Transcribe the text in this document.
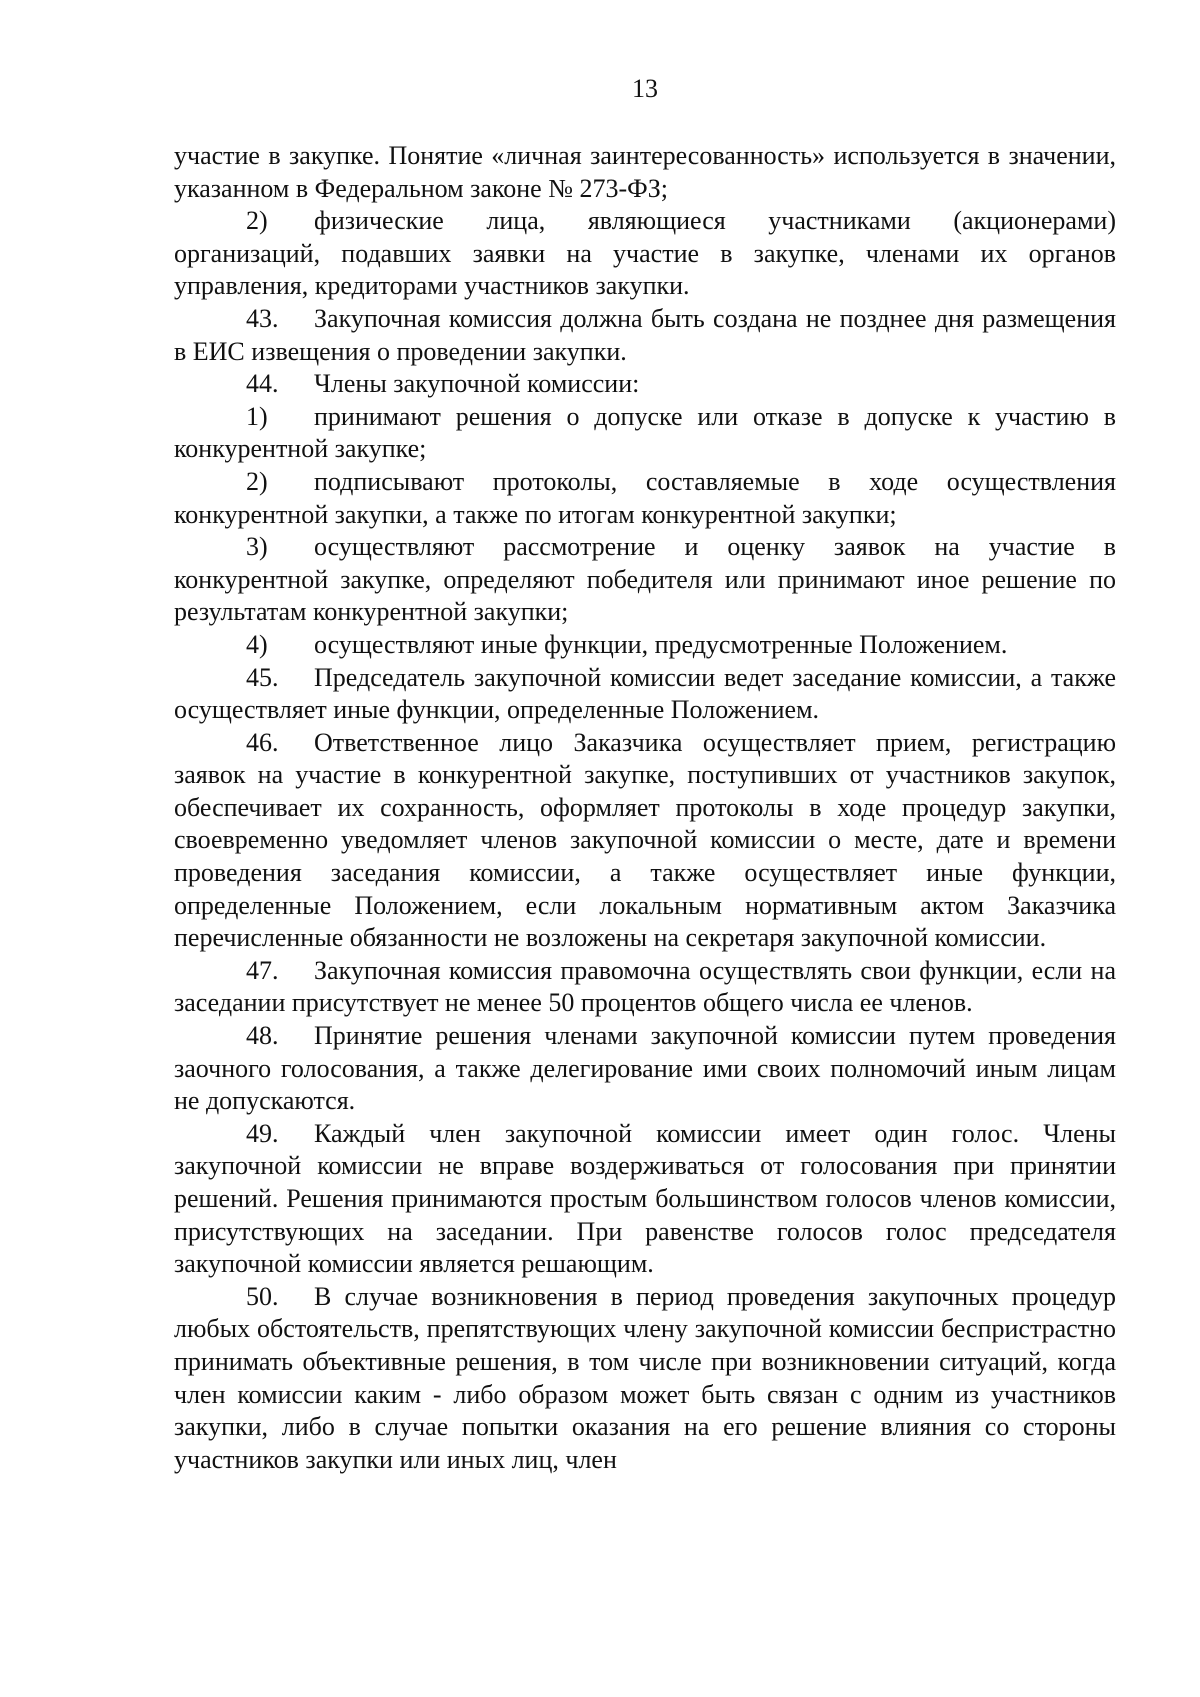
13

участие в закупке. Понятие «личная заинтересованность» используется в значении, указанном в Федеральном законе № 273-ФЗ;

2) физические лица, являющиеся участниками (акционерами) организаций, подавших заявки на участие в закупке, членами их органов управления, кредиторами участников закупки.

43. Закупочная комиссия должна быть создана не позднее дня размещения в ЕИС извещения о проведении закупки.

44. Члены закупочной комиссии:

1) принимают решения о допуске или отказе в допуске к участию в конкурентной закупке;

2) подписывают протоколы, составляемые в ходе осуществления конкурентной закупки, а также по итогам конкурентной закупки;

3) осуществляют рассмотрение и оценку заявок на участие в конкурентной закупке, определяют победителя или принимают иное решение по результатам конкурентной закупки;

4) осуществляют иные функции, предусмотренные Положением.

45. Председатель закупочной комиссии ведет заседание комиссии, а также осуществляет иные функции, определенные Положением.

46. Ответственное лицо Заказчика осуществляет прием, регистрацию заявок на участие в конкурентной закупке, поступивших от участников закупок, обеспечивает их сохранность, оформляет протоколы в ходе процедур закупки, своевременно уведомляет членов закупочной комиссии о месте, дате и времени проведения заседания комиссии, а также осуществляет иные функции, определенные Положением, если локальным нормативным актом Заказчика перечисленные обязанности не возложены на секретаря закупочной комиссии.

47. Закупочная комиссия правомочна осуществлять свои функции, если на заседании присутствует не менее 50 процентов общего числа ее членов.

48. Принятие решения членами закупочной комиссии путем проведения заочного голосования, а также делегирование ими своих полномочий иным лицам не допускаются.

49. Каждый член закупочной комиссии имеет один голос. Члены закупочной комиссии не вправе воздерживаться от голосования при принятии решений. Решения принимаются простым большинством голосов членов комиссии, присутствующих на заседании. При равенстве голосов голос председателя закупочной комиссии является решающим.

50. В случае возникновения в период проведения закупочных процедур любых обстоятельств, препятствующих члену закупочной комиссии беспристрастно принимать объективные решения, в том числе при возникновении ситуаций, когда член комиссии каким - либо образом может быть связан с одним из участников закупки, либо в случае попытки оказания на его решение влияния со стороны участников закупки или иных лиц, член
